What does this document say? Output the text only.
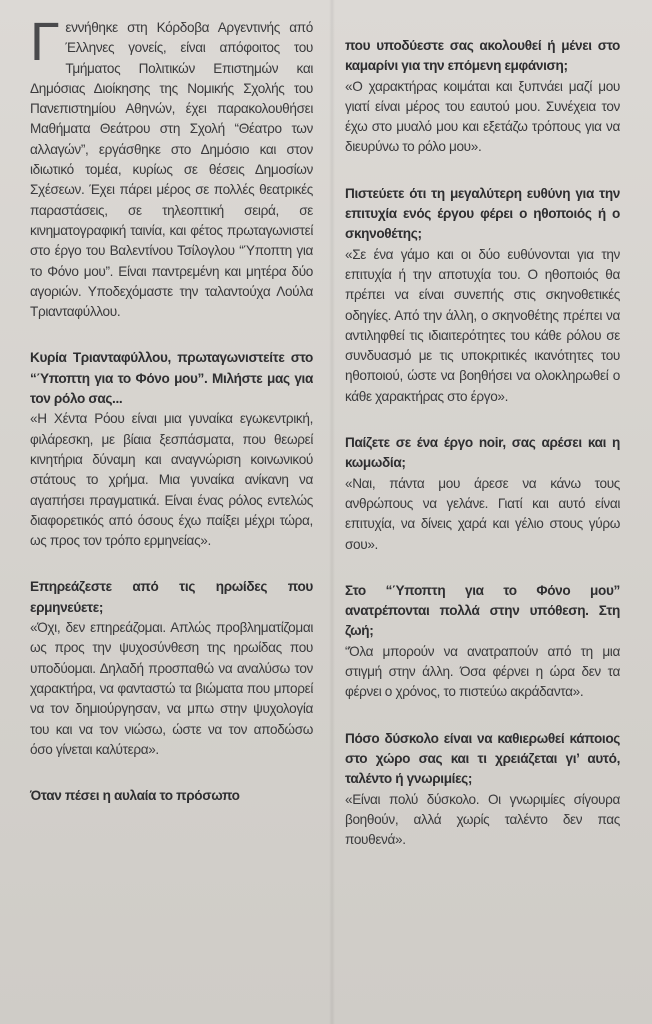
Γεννήθηκε στη Κόρδοβα Αργεντινής από Έλληνες γονείς, είναι απόφοιτος του Τμήματος Πολιτικών Επιστημών και Δημόσιας Διοίκησης της Νομικής Σχολής του Πανεπιστημίου Αθηνών, έχει παρακολουθήσει Μαθήματα Θεάτρου στη Σχολή “Θέατρο των αλλαγών”, εργάσθηκε στο Δημόσιο και στον ιδιωτικό τομέα, κυρίως σε θέσεις Δημοσίων Σχέσεων. Έχει πάρει μέρος σε πολλές θεατρικές παραστάσεις, σε τηλεοπτική σειρά, σε κινηματογραφική ταινία, και φέτος πρωταγωνιστεί στο έργο του Βαλεντίνου Τσίλογλου “Ύποπτη για το Φόνο μου”. Είναι παντρεμένη και μητέρα δύο αγοριών. Υποδεχόμαστε την ταλαντούχα Λούλα Τριανταφύλλου.

Κυρία Τριανταφύλλου, πρωταγωνιστείτε στο “Ύποπτη για το Φόνο μου”. Μιλήστε μας για τον ρόλο σας...

«Η Χέντα Ρόου είναι μια γυναίκα εγωκεντρική, φιλάρεσκη, με βίαια ξεσπάσματα, που θεωρεί κινητήρια δύναμη και αναγνώριση κοινωνικού στάτους το χρήμα. Μια γυναίκα ανίκανη να αγαπήσει πραγματικά. Είναι ένας ρόλος εντελώς διαφορετικός από όσους έχω παίξει μέχρι τώρα, ως προς τον τρόπο ερμηνείας».

Επηρεάζεστε από τις ηρωίδες που ερμηνεύετε;

«Όχι, δεν επηρεάζομαι. Απλώς προβληματίζομαι ως προς την ψυχοσύνθεση της ηρωίδας που υποδύομαι. Δηλαδή προσπαθώ να αναλύσω τον χαρακτήρα, να φανταστώ τα βιώματα που μπορεί να τον δημιούργησαν, να μπω στην ψυχολογία του και να τον νιώσω, ώστε να τον αποδώσω όσο γίνεται καλύτερα».

Όταν πέσει η αυλαία το πρόσωπο

που υποδύεστε σας ακολουθεί ή μένει στο καμαρίνι για την επόμενη εμφάνιση;

«Ο χαρακτήρας κοιμάται και ξυπνάει μαζί μου γιατί είναι μέρος του εαυτού μου. Συνέχεια τον έχω στο μυαλό μου και εξετάζω τρόπους για να διευρύνω το ρόλο μου».

Πιστεύετε ότι τη μεγαλύτερη ευθύνη για την επιτυχία ενός έργου φέρει ο ηθοποιός ή ο σκηνοθέτης;

«Σε ένα γάμο και οι δύο ευθύνονται για την επιτυχία ή την αποτυχία του. Ο ηθοποιός θα πρέπει να είναι συνεπής στις σκηνοθετικές οδηγίες. Από την άλλη, ο σκηνοθέτης πρέπει να αντιληφθεί τις ιδιαιτερότητες του κάθε ρόλου σε συνδυασμό με τις υποκριτικές ικανότητες του ηθοποιού, ώστε να βοηθήσει να ολοκληρωθεί ο κάθε χαρακτήρας στο έργο».

Παίζετε σε ένα έργο noir, σας αρέσει και η κωμωδία;

«Ναι, πάντα μου άρεσε να κάνω τους ανθρώπους να γελάνε. Γιατί και αυτό είναι επιτυχία, να δίνεις χαρά και γέλιο στους γύρω σου».

Στο “Ύποπτη για το Φόνο μου” ανατρέπονται πολλά στην υπόθεση. Στη ζωή;

“Όλα μπορούν να ανατραπούν από τη μια στιγμή στην άλλη. Όσα φέρνει η ώρα δεν τα φέρνει ο χρόνος, το πιστεύω ακράδαντα».

Πόσο δύσκολο είναι να καθιερωθεί κάποιος στο χώρο σας και τι χρειάζεται γι’ αυτό, ταλέντο ή γνωριμίες;

«Είναι πολύ δύσκολο. Οι γνωριμίες σίγουρα βοηθούν, αλλά χωρίς ταλέντο δεν πας πουθενά».
